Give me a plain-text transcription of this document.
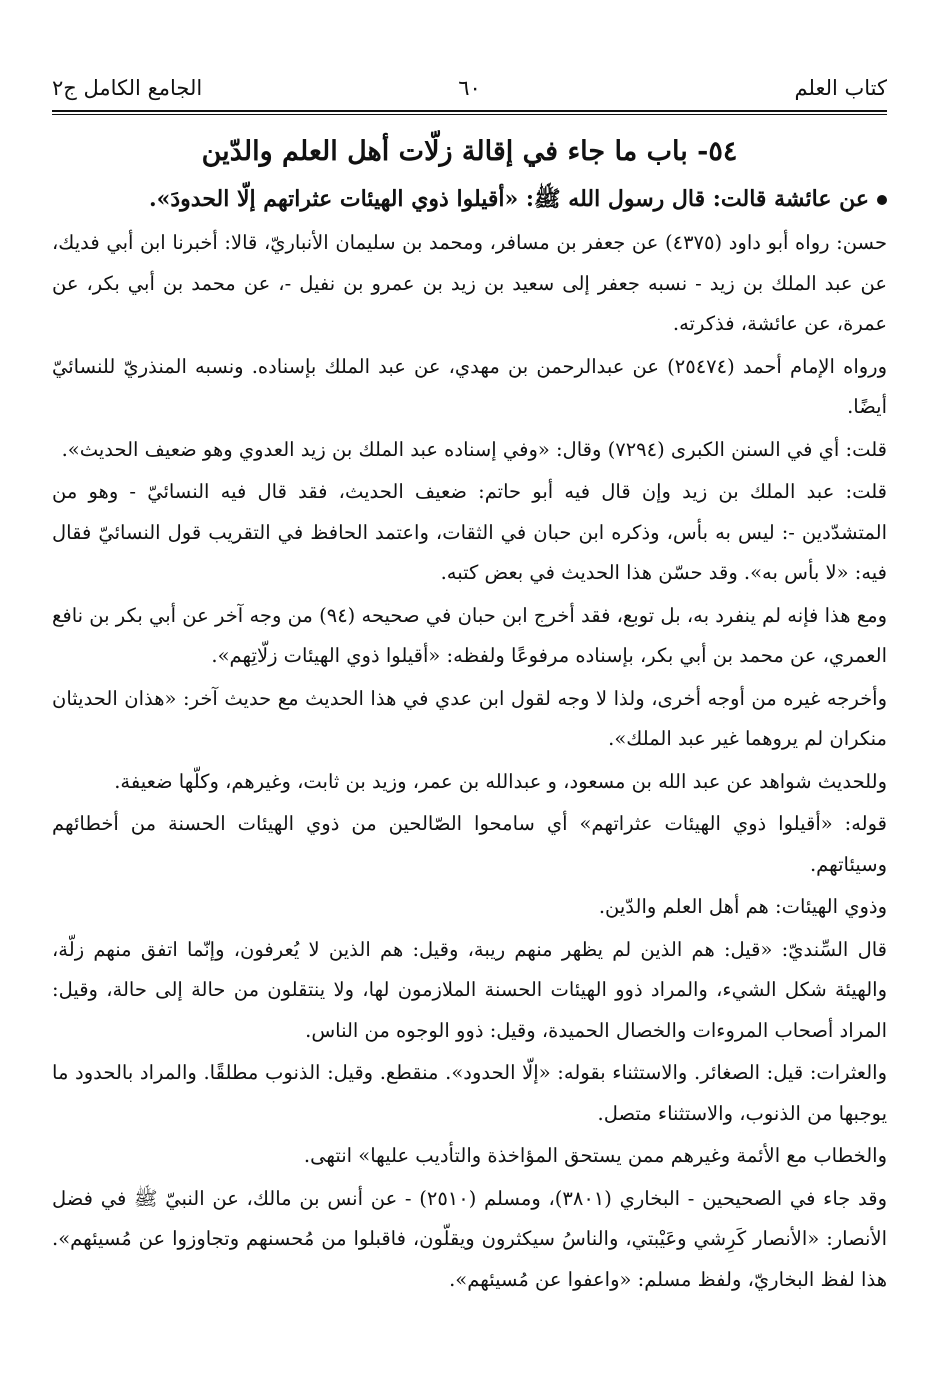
كتاب العلم
٦٠
الجامع الكامل ج٢
٥٤- باب ما جاء في إقالة زلّات أهل العلم والدّين

عن عائشة قالت: قال رسول الله ﷺ: «أقيلوا ذوي الهيئات عثراتهم إلّا الحدودَ».

حسن: رواه أبو داود (٤٣٧٥) عن جعفر بن مسافر، ومحمد بن سليمان الأنباريّ، قالا: أخبرنا ابن أبي فديك، عن عبد الملك بن زيد - نسبه جعفر إلى سعيد بن زيد بن عمرو بن نفيل -، عن محمد بن أبي بكر، عن عمرة، عن عائشة، فذكرته.

ورواه الإمام أحمد (٢٥٤٧٤) عن عبدالرحمن بن مهدي، عن عبد الملك بإسناده. ونسبه المنذريّ للنسائيّ أيضًا.

قلت: أي في السنن الكبرى (٧٢٩٤) وقال: «وفي إسناده عبد الملك بن زيد العدوي وهو ضعيف الحديث».

قلت: عبد الملك بن زيد وإن قال فيه أبو حاتم: ضعيف الحديث، فقد قال فيه النسائيّ - وهو من المتشدّدين -: ليس به بأس، وذكره ابن حبان في الثقات، واعتمد الحافظ في التقريب قول النسائيّ فقال فيه: «لا بأس به». وقد حسّن هذا الحديث في بعض كتبه.

ومع هذا فإنه لم ينفرد به، بل توبع، فقد أخرج ابن حبان في صحيحه (٩٤) من وجه آخر عن أبي بكر بن نافع العمري، عن محمد بن أبي بكر، بإسناده مرفوعًا ولفظه: «أقيلوا ذوي الهيئات زلّاتِهم».

وأخرجه غيره من أوجه أخرى، ولذا لا وجه لقول ابن عدي في هذا الحديث مع حديث آخر: «هذان الحديثان منكران لم يروهما غير عبد الملك».

وللحديث شواهد عن عبد الله بن مسعود، و عبدالله بن عمر، وزيد بن ثابت، وغيرهم، وكلّها ضعيفة.

قوله: «أقيلوا ذوي الهيئات عثراتهم» أي سامحوا الصّالحين من ذوي الهيئات الحسنة من أخطائهم وسيئاتهم.

وذوي الهيئات: هم أهل العلم والدّين.

قال السِّنديّ: «قيل: هم الذين لم يظهر منهم ريبة، وقيل: هم الذين لا يُعرفون، وإنّما اتفق منهم زلّة، والهيئة شكل الشيء، والمراد ذوو الهيئات الحسنة الملازمون لها، ولا ينتقلون من حالة إلى حالة، وقيل: المراد أصحاب المروءات والخصال الحميدة، وقيل: ذوو الوجوه من الناس.

والعثرات: قيل: الصغائر. والاستثناء بقوله: «إلّا الحدود». منقطع. وقيل: الذنوب مطلقًا. والمراد بالحدود ما يوجبها من الذنوب، والاستثناء متصل.

والخطاب مع الأئمة وغيرهم ممن يستحق المؤاخذة والتأديب عليها» انتهى.

وقد جاء في الصحيحين - البخاري (٣٨٠١)، ومسلم (٢٥١٠) - عن أنس بن مالك، عن النبيّ ﷺ في فضل الأنصار: «الأنصار كَرِشي وعَيْبتي، والناسُ سيكثرون ويقلّون، فاقبلوا من مُحسنهم وتجاوزوا عن مُسيئهم». هذا لفظ البخاريّ، ولفظ مسلم: «واعفوا عن مُسيئهم».
